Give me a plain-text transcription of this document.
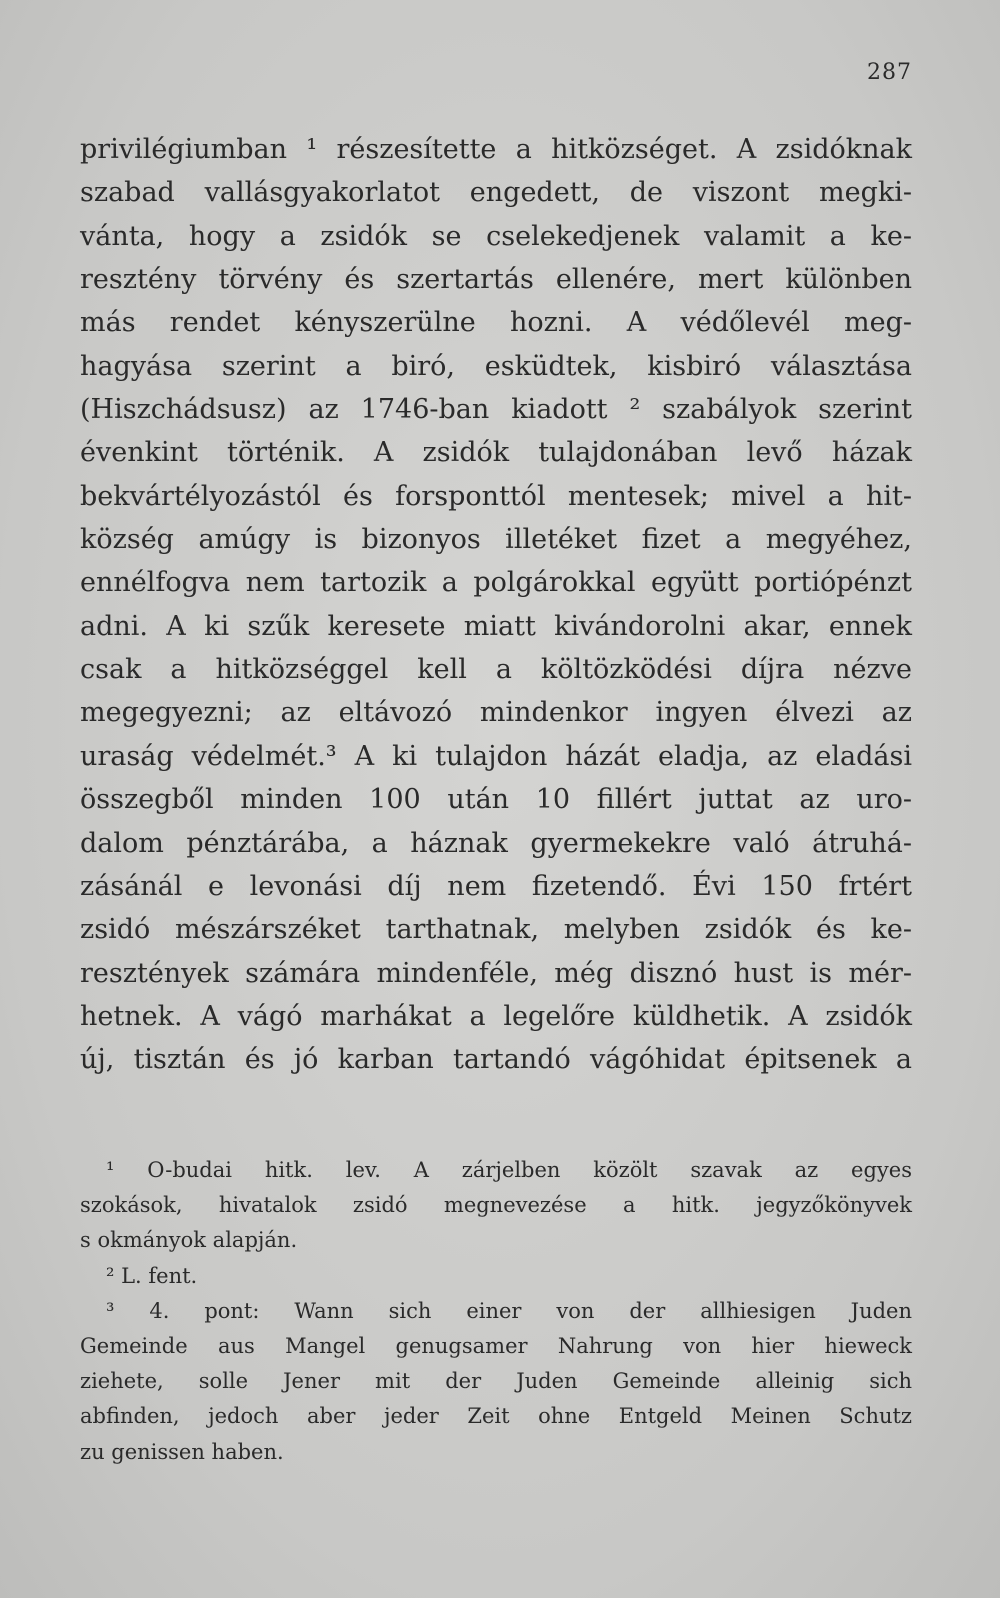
287
privilégiumban ¹ részesítette a hitközséget. A zsidóknak
szabad vallásgyakorlatot engedett, de viszont megki-
vánta, hogy a zsidók se cselekedjenek valamit a ke-
resztény törvény és szertartás ellenére, mert különben
más rendet kényszerülne hozni. A védőlevél meg-
hagyása szerint a biró, esküdtek, kisbiró választása
(Hiszchádsusz) az 1746-ban kiadott ² szabályok szerint
évenkint történik. A zsidók tulajdonában levő házak
bekvártélyozástól és forsponttól mentesek; mivel a hit-
község amúgy is bizonyos illetéket fizet a megyéhez,
ennélfogva nem tartozik a polgárokkal együtt portiópénzt
adni. A ki szűk keresete miatt kivándorolni akar, ennek
csak a hitközséggel kell a költözködési díjra nézve
megegyezni; az eltávozó mindenkor ingyen élvezi az
uraság védelmét.³ A ki tulajdon házát eladja, az eladási
összegből minden 100 után 10 fillért juttat az uro-
dalom pénztárába, a háznak gyermekekre való átruhá-
zásánál e levonási díj nem fizetendő. Évi 150 frtért
zsidó mészárszéket tarthatnak, melyben zsidók és ke-
resztények számára mindenféle, még disznó hust is mér-
hetnek. A vágó marhákat a legelőre küldhetik. A zsidók
új, tisztán és jó karban tartandó vágóhidat épitsenek a
¹ O-budai hitk. lev. A zárjelben közölt szavak az egyes
szokások, hivatalok zsidó megnevezése a hitk. jegyzőkönyvek
s okmányok alapján.
² L. fent.
³ 4. pont: Wann sich einer von der allhiesigen Juden
Gemeinde aus Mangel genugsamer Nahrung von hier hieweck
ziehete, solle Jener mit der Juden Gemeinde alleinig sich
abfinden, jedoch aber jeder Zeit ohne Entgeld Meinen Schutz
zu genissen haben.
